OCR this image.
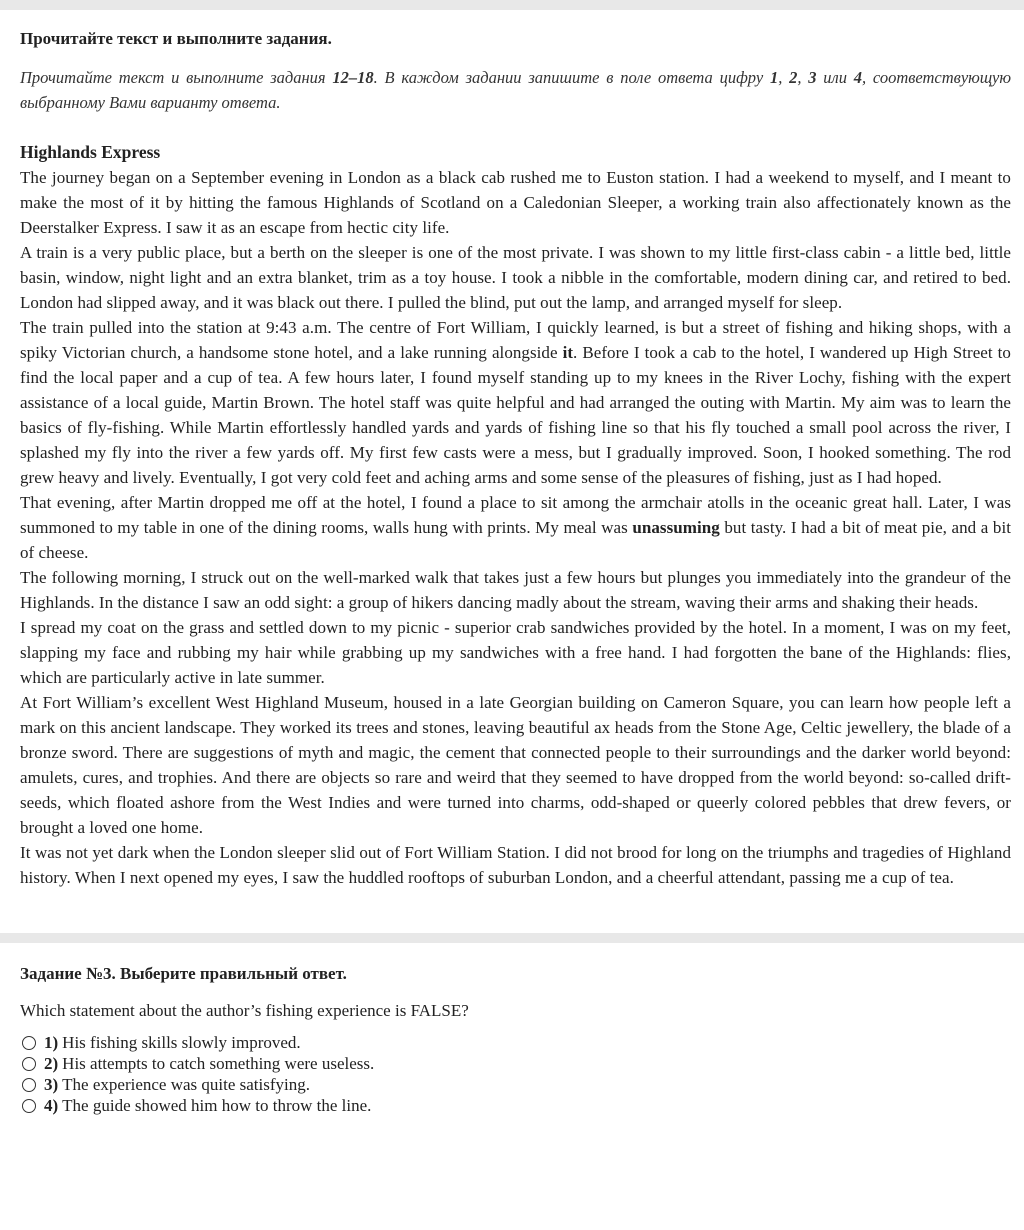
Прочитайте текст и выполните задания.
Прочитайте текст и выполните задания 12–18. В каждом задании запишите в поле ответа цифру 1, 2, 3 или 4, соответствующую выбранному Вами варианту ответа.
Highlands Express

The journey began on a September evening in London as a black cab rushed me to Euston station. I had a weekend to myself, and I meant to make the most of it by hitting the famous Highlands of Scotland on a Caledonian Sleeper, a working train also affectionately known as the Deerstalker Express. I saw it as an escape from hectic city life.

A train is a very public place, but a berth on the sleeper is one of the most private. I was shown to my little first-class cabin - a little bed, little basin, window, night light and an extra blanket, trim as a toy house. I took a nibble in the comfortable, modern dining car, and retired to bed. London had slipped away, and it was black out there. I pulled the blind, put out the lamp, and arranged myself for sleep.

The train pulled into the station at 9:43 a.m. The centre of Fort William, I quickly learned, is but a street of fishing and hiking shops, with a spiky Victorian church, a handsome stone hotel, and a lake running alongside it. Before I took a cab to the hotel, I wandered up High Street to find the local paper and a cup of tea. A few hours later, I found myself standing up to my knees in the River Lochy, fishing with the expert assistance of a local guide, Martin Brown. The hotel staff was quite helpful and had arranged the outing with Martin. My aim was to learn the basics of fly-fishing. While Martin effortlessly handled yards and yards of fishing line so that his fly touched a small pool across the river, I splashed my fly into the river a few yards off. My first few casts were a mess, but I gradually improved. Soon, I hooked something. The rod grew heavy and lively. Eventually, I got very cold feet and aching arms and some sense of the pleasures of fishing, just as I had hoped.

That evening, after Martin dropped me off at the hotel, I found a place to sit among the armchair atolls in the oceanic great hall. Later, I was summoned to my table in one of the dining rooms, walls hung with prints. My meal was unassuming but tasty. I had a bit of meat pie, and a bit of cheese.

The following morning, I struck out on the well-marked walk that takes just a few hours but plunges you immediately into the grandeur of the Highlands. In the distance I saw an odd sight: a group of hikers dancing madly about the stream, waving their arms and shaking their heads.

I spread my coat on the grass and settled down to my picnic - superior crab sandwiches provided by the hotel. In a moment, I was on my feet, slapping my face and rubbing my hair while grabbing up my sandwiches with a free hand. I had forgotten the bane of the Highlands: flies, which are particularly active in late summer.

At Fort William’s excellent West Highland Museum, housed in a late Georgian building on Cameron Square, you can learn how people left a mark on this ancient landscape. They worked its trees and stones, leaving beautiful ax heads from the Stone Age, Celtic jewellery, the blade of a bronze sword. There are suggestions of myth and magic, the cement that connected people to their surroundings and the darker world beyond: amulets, cures, and trophies. And there are objects so rare and weird that they seemed to have dropped from the world beyond: so-called drift-seeds, which floated ashore from the West Indies and were turned into charms, odd-shaped or queerly colored pebbles that drew fevers, or brought a loved one home.

It was not yet dark when the London sleeper slid out of Fort William Station. I did not brood for long on the triumphs and tragedies of Highland history. When I next opened my eyes, I saw the huddled rooftops of suburban London, and a cheerful attendant, passing me a cup of tea.

Задание №3. Выберите правильный ответ.
Which statement about the author’s fishing experience is FALSE?
1) His fishing skills slowly improved.
2) His attempts to catch something were useless.
3) The experience was quite satisfying.
4) The guide showed him how to throw the line.
